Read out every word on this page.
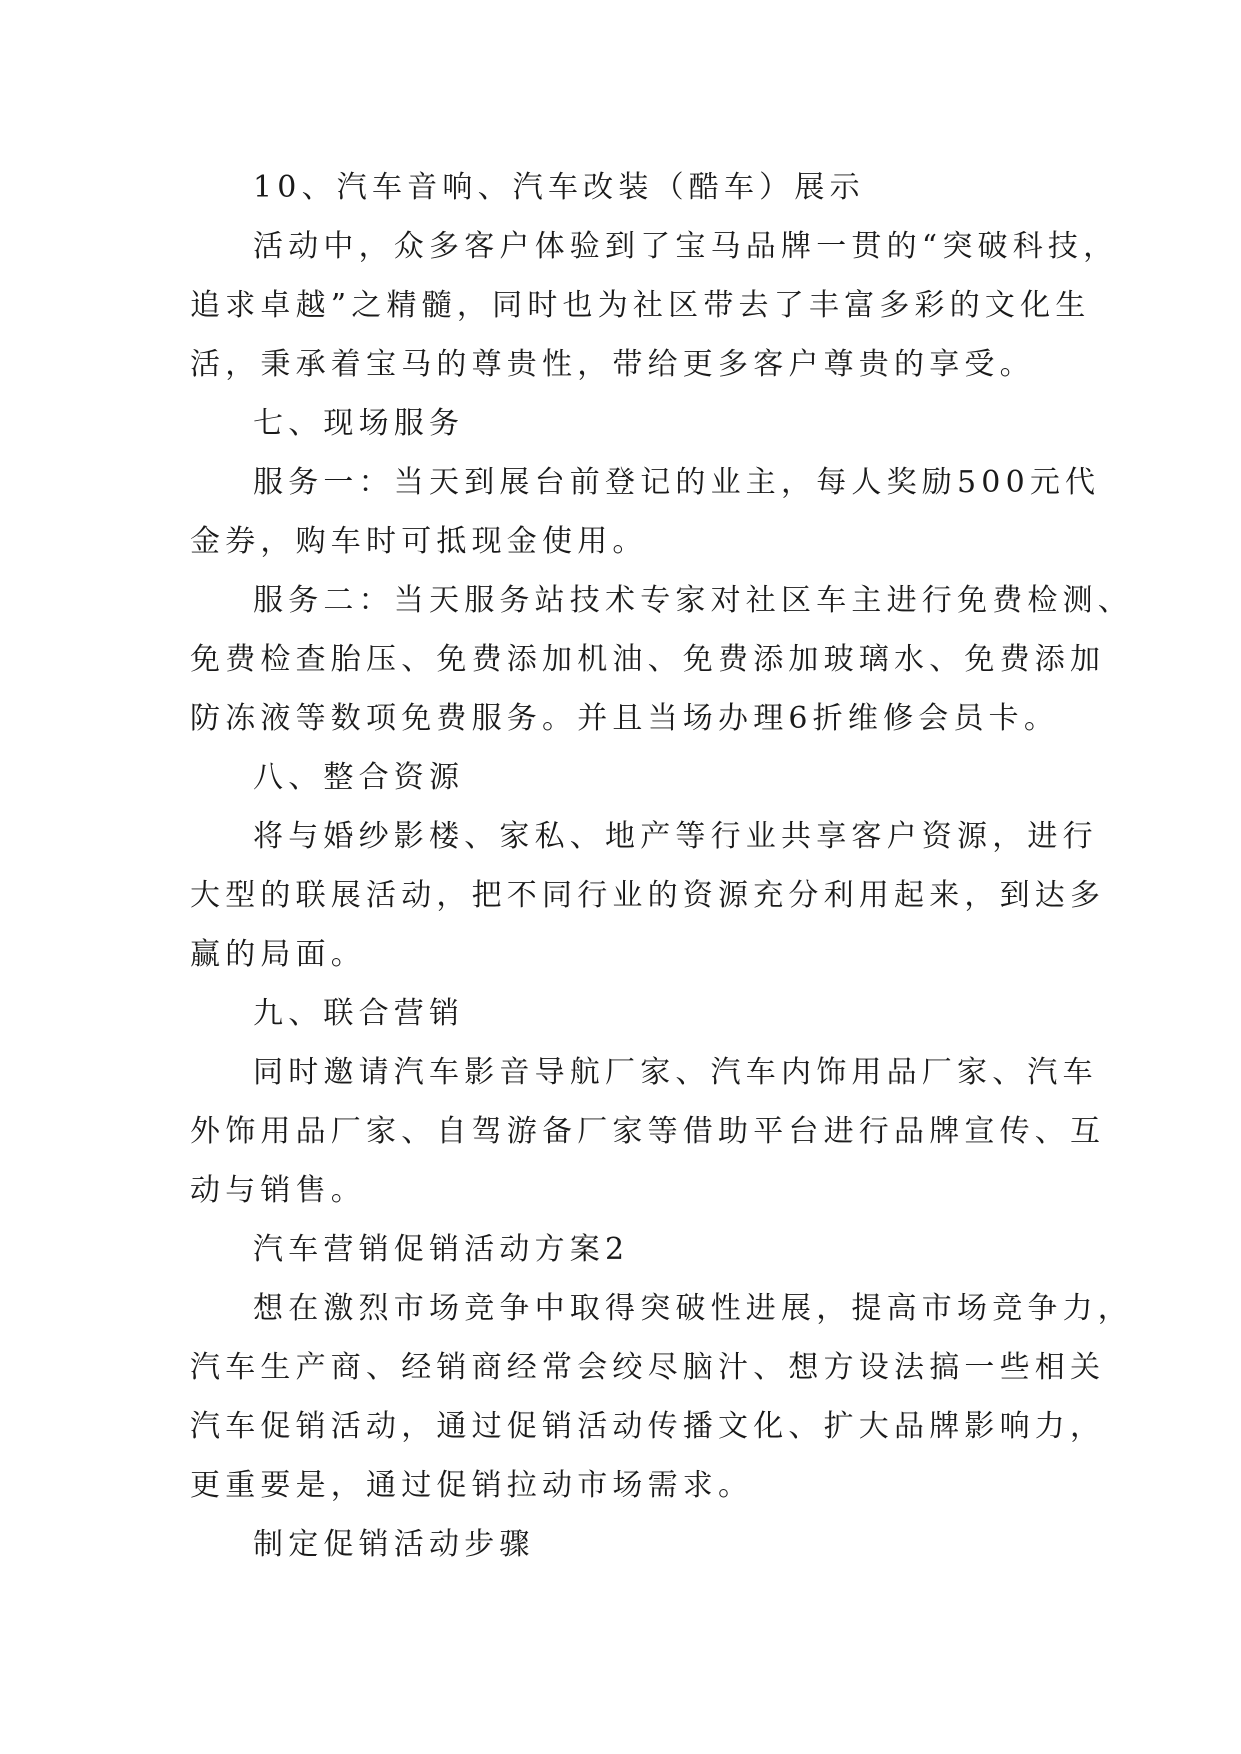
10、汽车音响、汽车改装（酷车）展示
活动中，众多客户体验到了宝马品牌一贯的“突破科技，
追求卓越”之精髓，同时也为社区带去了丰富多彩的文化生
活，秉承着宝马的尊贵性，带给更多客户尊贵的享受。
七、现场服务
服务一：当天到展台前登记的业主，每人奖励500元代
金券，购车时可抵现金使用。
服务二：当天服务站技术专家对社区车主进行免费检测、
免费检查胎压、免费添加机油、免费添加玻璃水、免费添加
防冻液等数项免费服务。并且当场办理6折维修会员卡。
八、整合资源
将与婚纱影楼、家私、地产等行业共享客户资源，进行
大型的联展活动，把不同行业的资源充分利用起来，到达多
赢的局面。
九、联合营销
同时邀请汽车影音导航厂家、汽车内饰用品厂家、汽车
外饰用品厂家、自驾游备厂家等借助平台进行品牌宣传、互
动与销售。
汽车营销促销活动方案2
想在激烈市场竞争中取得突破性进展，提高市场竞争力，
汽车生产商、经销商经常会绞尽脑汁、想方设法搞一些相关
汽车促销活动，通过促销活动传播文化、扩大品牌影响力，
更重要是，通过促销拉动市场需求。
制定促销活动步骤
